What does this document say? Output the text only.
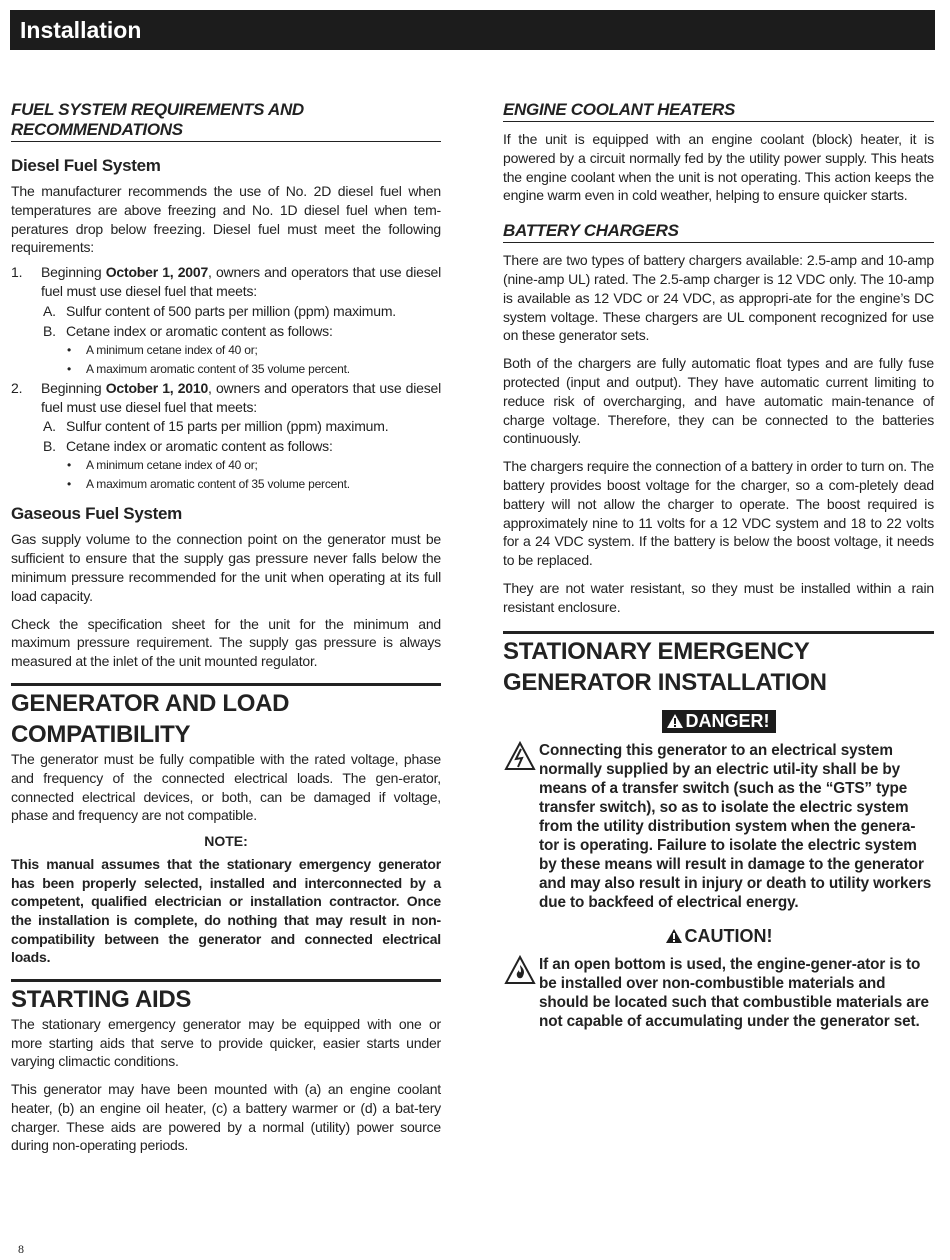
Installation
FUEL SYSTEM REQUIREMENTS AND RECOMMENDATIONS
Diesel Fuel System

The manufacturer recommends the use of No. 2D diesel fuel when temperatures are above freezing and No. 1D diesel fuel when tem-peratures drop below freezing. Diesel fuel must meet the following requirements:

1. Beginning October 1, 2007, owners and operators that use diesel fuel must use diesel fuel that meets:
A. Sulfur content of 500 parts per million (ppm) maximum.
B. Cetane index or aromatic content as follows:
• A minimum cetane index of 40 or;
• A maximum aromatic content of 35 volume percent.
2. Beginning October 1, 2010, owners and operators that use diesel fuel must use diesel fuel that meets:
A. Sulfur content of 15 parts per million (ppm) maximum.
B. Cetane index or aromatic content as follows:
• A minimum cetane index of 40 or;
• A maximum aromatic content of 35 volume percent.
Gaseous Fuel System

Gas supply volume to the connection point on the generator must be sufficient to ensure that the supply gas pressure never falls below the minimum pressure recommended for the unit when operating at its full load capacity.

Check the specification sheet for the unit for the minimum and maximum pressure requirement. The supply gas pressure is always measured at the inlet of the unit mounted regulator.

GENERATOR AND LOAD
COMPATIBILITY

The generator must be fully compatible with the rated voltage, phase and frequency of the connected electrical loads. The gen-erator, connected electrical devices, or both, can be damaged if voltage, phase and frequency are not compatible.

NOTE:

This manual assumes that the stationary emergency generator has been properly selected, installed and interconnected by a competent, qualified electrician or installation contractor. Once the installation is complete, do nothing that may result in non-compatibility between the generator and connected electrical loads.

STARTING AIDS

The stationary emergency generator may be equipped with one or more starting aids that serve to provide quicker, easier starts under varying climactic conditions.

This generator may have been mounted with (a) an engine coolant heater, (b) an engine oil heater, (c) a battery warmer or (d) a bat-tery charger. These aids are powered by a normal (utility) power source during non-operating periods.

ENGINE COOLANT HEATERS

If the unit is equipped with an engine coolant (block) heater, it is powered by a circuit normally fed by the utility power supply. This heats the engine coolant when the unit is not operating. This action keeps the engine warm even in cold weather, helping to ensure quicker starts.

BATTERY CHARGERS

There are two types of battery chargers available: 2.5-amp and 10-amp (nine-amp UL) rated. The 2.5-amp charger is 12 VDC only. The 10-amp is available as 12 VDC or 24 VDC, as appropri-ate for the engine’s DC system voltage. These chargers are UL component recognized for use on these generator sets.

Both of the chargers are fully automatic float types and are fully fuse protected (input and output). They have automatic current limiting to reduce risk of overcharging, and have automatic main-tenance of charge voltage. Therefore, they can be connected to the batteries continuously.

The chargers require the connection of a battery in order to turn on. The battery provides boost voltage for the charger, so a com-pletely dead battery will not allow the charger to operate. The boost required is approximately nine to 11 volts for a 12 VDC system and 18 to 22 volts for a 24 VDC system. If the battery is below the boost voltage, it needs to be replaced.

They are not water resistant, so they must be installed within a rain resistant enclosure.

STATIONARY EMERGENCY
GENERATOR INSTALLATION
DANGER!

Connecting this generator to an electrical system normally supplied by an electric util-ity shall be by means of a transfer switch (such as the “GTS” type transfer switch), so as to isolate the electric system from the utility distribution system when the genera-tor is operating. Failure to isolate the electric system by these means will result in damage to the generator and may also result in injury or death to utility workers due to backfeed of electrical energy.

CAUTION!

If an open bottom is used, the engine-gener-ator is to be installed over non-combustible materials and should be located such that combustible materials are not capable of accumulating under the generator set.

8
